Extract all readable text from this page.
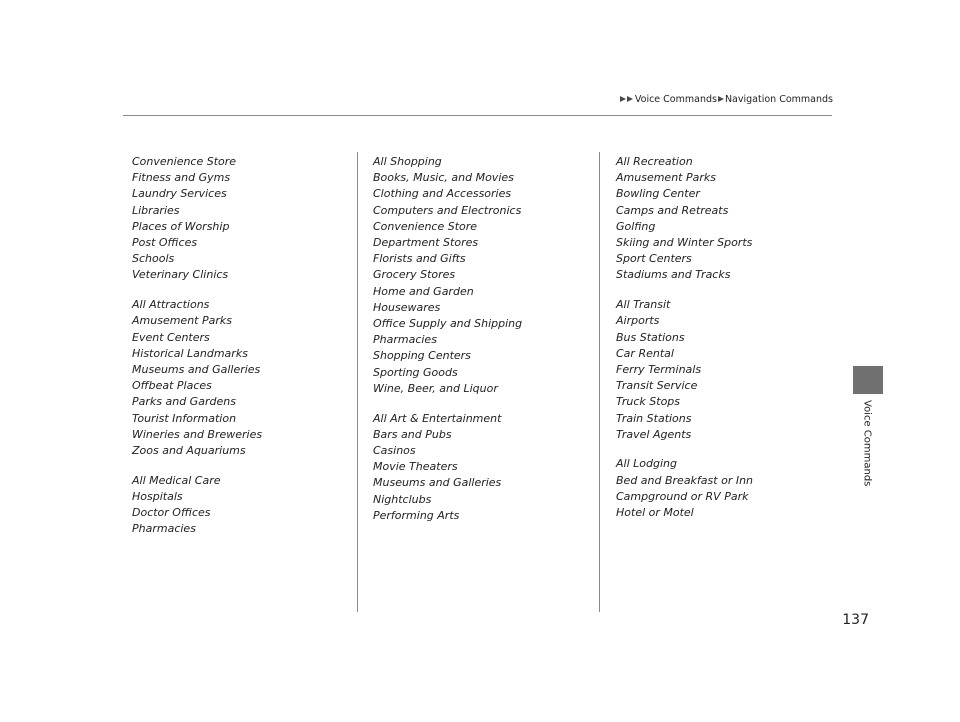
Voice Commands Navigation Commands
Convenience Store
Fitness and Gyms
Laundry Services
Libraries
Places of Worship
Post Offices
Schools
Veterinary Clinics
All Attractions
Amusement Parks
Event Centers
Historical Landmarks
Museums and Galleries
Offbeat Places
Parks and Gardens
Tourist Information
Wineries and Breweries
Zoos and Aquariums
All Medical Care
Hospitals
Doctor Offices
Pharmacies
All Shopping
Books, Music, and Movies
Clothing and Accessories
Computers and Electronics
Convenience Store
Department Stores
Florists and Gifts
Grocery Stores
Home and Garden
Housewares
Office Supply and Shipping
Pharmacies
Shopping Centers
Sporting Goods
Wine, Beer, and Liquor
All Art & Entertainment
Bars and Pubs
Casinos
Movie Theaters
Museums and Galleries
Nightclubs
Performing Arts
All Recreation
Amusement Parks
Bowling Center
Camps and Retreats
Golfing
Skiing and Winter Sports
Sport Centers
Stadiums and Tracks
All Transit
Airports
Bus Stations
Car Rental
Ferry Terminals
Transit Service
Truck Stops
Train Stations
Travel Agents
All Lodging
Bed and Breakfast or Inn
Campground or RV Park
Hotel or Motel
Voice Commands
137
